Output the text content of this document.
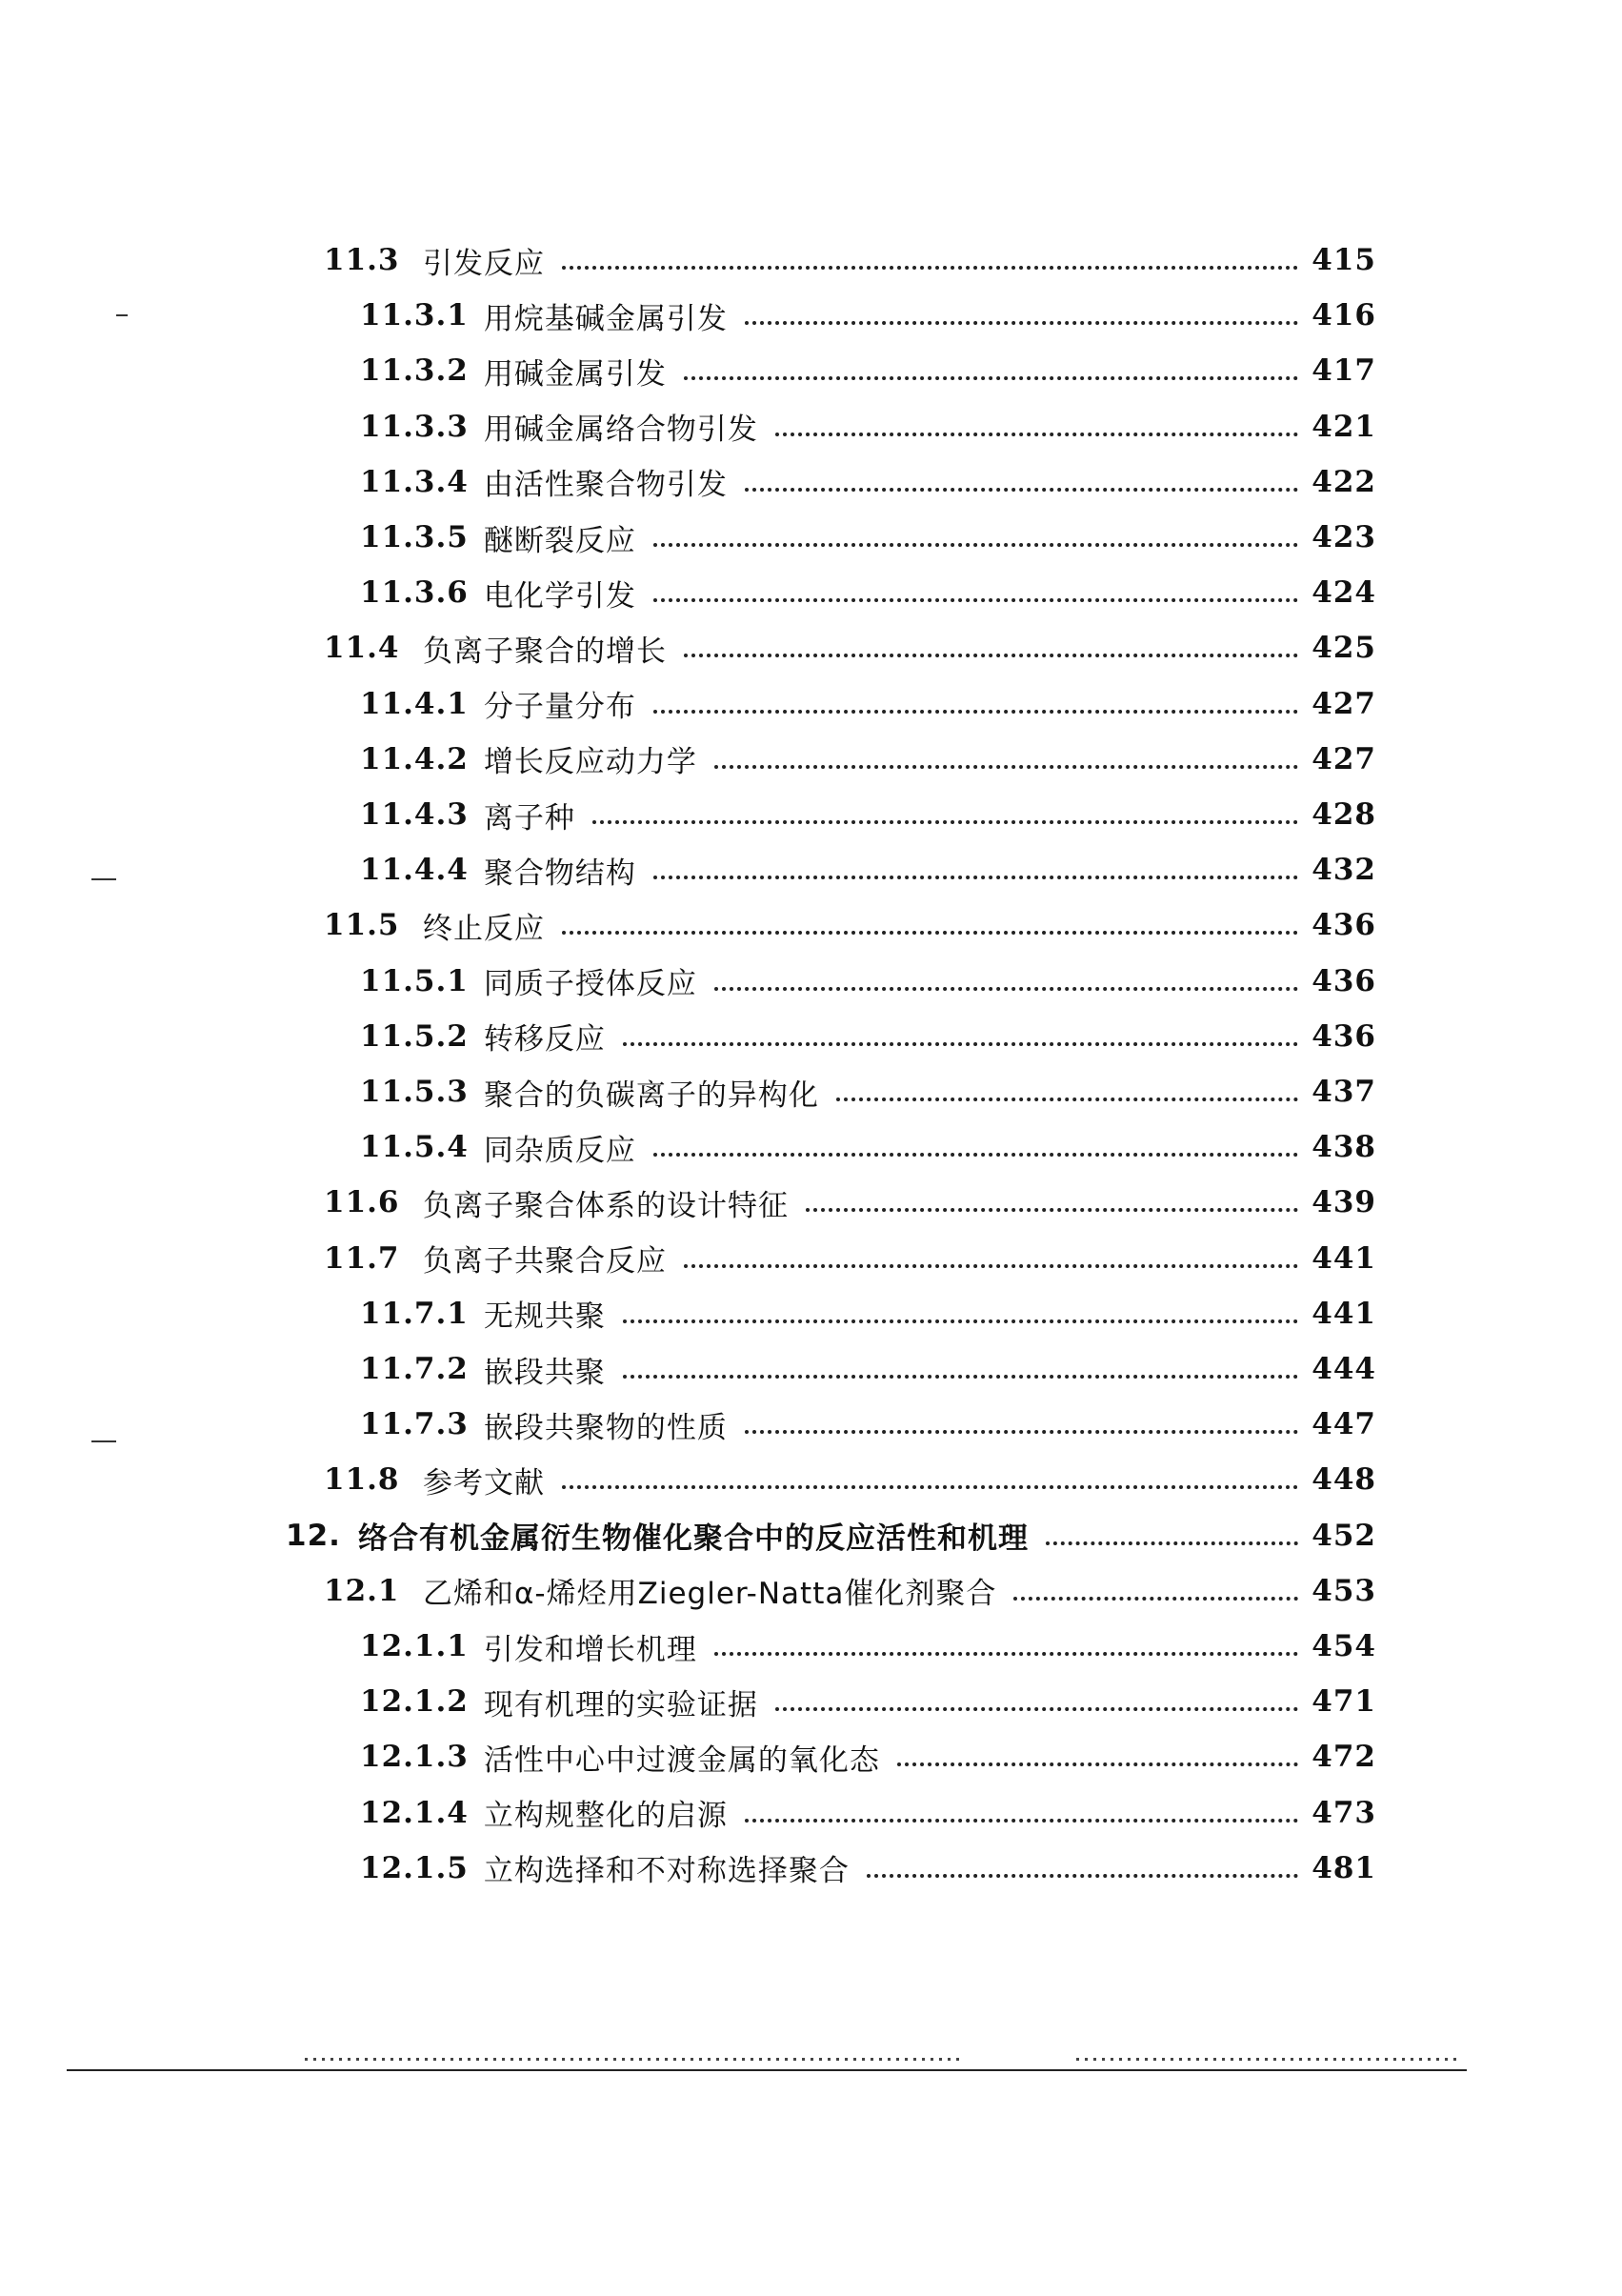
11.3 引发反应	415
11.3.1 用烷基碱金属引发	416
11.3.2 用碱金属引发	417
11.3.3 用碱金属络合物引发	421
11.3.4 由活性聚合物引发	422
11.3.5 醚断裂反应	423
11.3.6 电化学引发	424
11.4 负离子聚合的增长	425
11.4.1 分子量分布	427
11.4.2 增长反应动力学	427
11.4.3 离子种	428
11.4.4 聚合物结构	432
11.5 终止反应	436
11.5.1 同质子授体反应	436
11.5.2 转移反应	436
11.5.3 聚合的负碳离子的异构化	437
11.5.4 同杂质反应	438
11.6 负离子聚合体系的设计特征	439
11.7 负离子共聚合反应	441
11.7.1 无规共聚	441
11.7.2 嵌段共聚	444
11.7.3 嵌段共聚物的性质	447
11.8 参考文献	448
12. 络合有机金属衍生物催化聚合中的反应活性和机理	452
12.1 乙烯和α-烯烃用Ziegler-Natta催化剂聚合	453
12.1.1 引发和增长机理	454
12.1.2 现有机理的实验证据	471
12.1.3 活性中心中过渡金属的氧化态	472
12.1.4 立构规整化的启源	473
12.1.5 立构选择和不对称选择聚合	481
